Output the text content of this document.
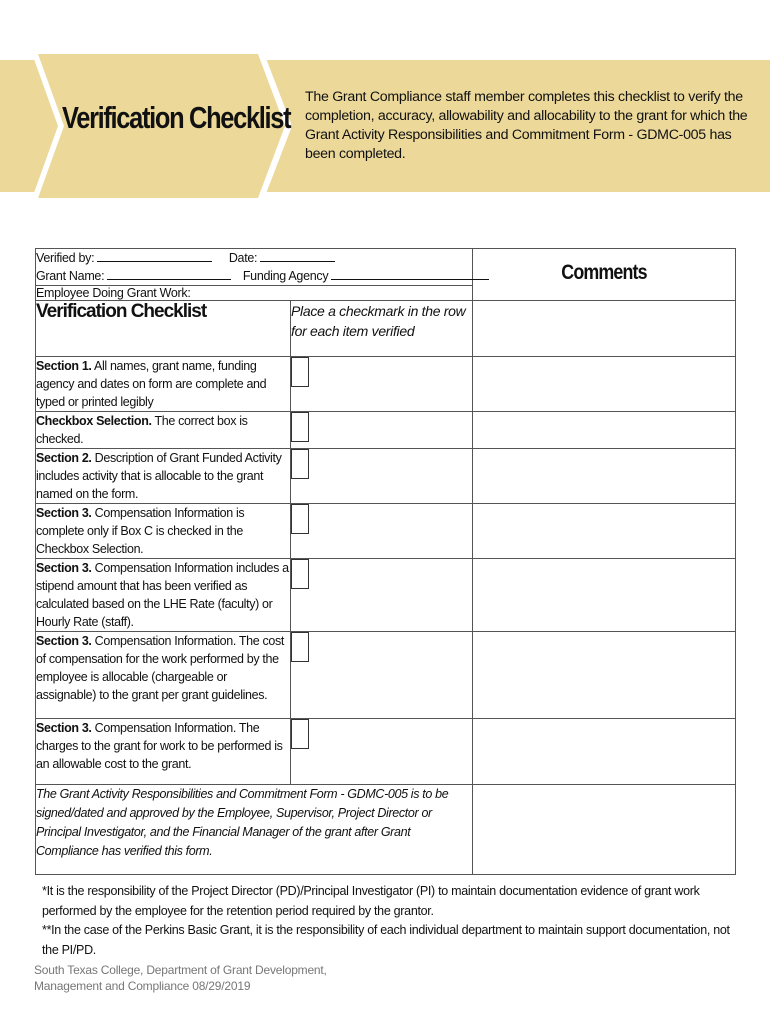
Verification Checklist
The Grant Compliance staff member completes this checklist to verify the completion, accuracy, allowability and allocability to the grant for which the Grant Activity Responsibilities and Commitment Form - GDMC-005 has been completed.
Verified by: Date:
Grant Name: Funding Agency		Comments

Employee Doing Grant Work:		
Verification Checklist	Place a checkmark in the row for each item verified	
Section 1. All names, grant name, funding agency and dates on form are complete and typed or printed legibly	

Checkbox Selection. The correct box is checked.	

Section 2. Description of Grant Funded Activity includes activity that is allocable to the grant named on the form.	

Section 3. Compensation Information is complete only if Box C is checked in the Checkbox Selection.	

Section 3. Compensation Information includes a stipend amount that has been verified as calculated based on the LHE Rate (faculty) or Hourly Rate (staff).	

Section 3. Compensation Information. The cost of compensation for the work performed by the employee is allocable (chargeable or assignable) to the grant per grant guidelines.	

Section 3. Compensation Information. The charges to the grant for work to be performed is an allowable cost to the grant.	

The Grant Activity Responsibilities and Commitment Form - GDMC-005 is to be signed/dated and approved by the Employee, Supervisor, Project Director or Principal Investigator, and the Financial Manager of the grant after Grant Compliance has verified this form.		
*It is the responsibility of the Project Director (PD)/Principal Investigator (PI) to maintain documentation evidence of grant work performed by the employee for the retention period required by the grantor.
**In the case of the Perkins Basic Grant, it is the responsibility of each individual department to maintain support documentation, not the PI/PD.
South Texas College, Department of Grant Development, Management and Compliance 08/29/2019
